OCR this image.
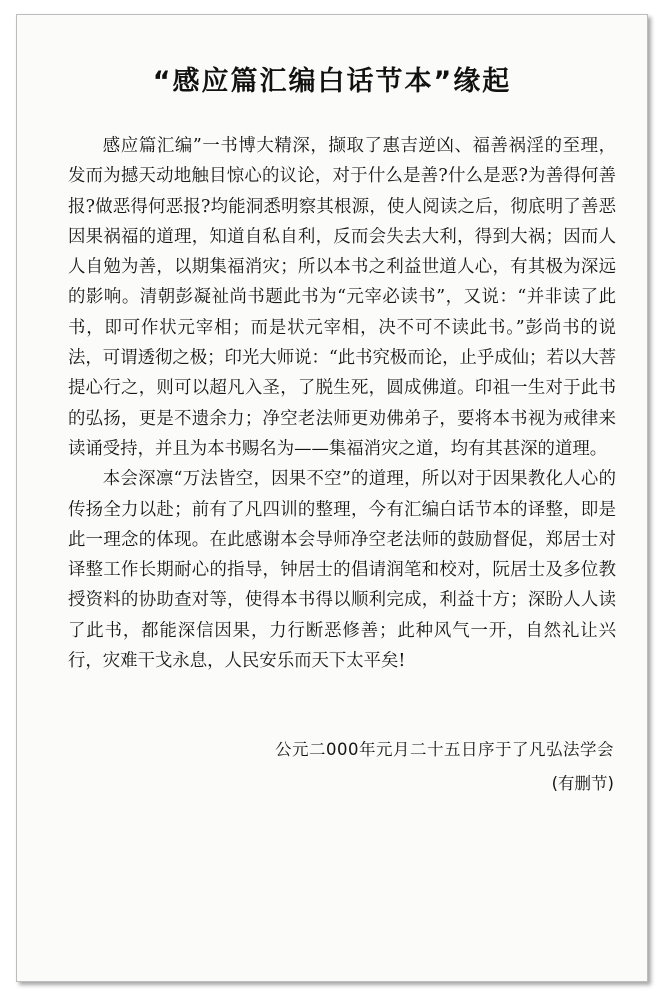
“感应篇汇编白话节本”缘起

感应篇汇编”一书博大精深，撷取了惠吉逆凶、福善祸淫的至理，发而为撼天动地触目惊心的议论，对于什么是善?什么是恶?为善得何善报?做恶得何恶报?均能洞悉明察其根源，使人阅读之后，彻底明了善恶因果祸福的道理，知道自私自利，反而会失去大利，得到大祸；因而人人自勉为善，以期集福消灾；所以本书之利益世道人心，有其极为深远的影响。清朝彭凝祉尚书题此书为“元宰必读书”，又说：“并非读了此书，即可作状元宰相；而是状元宰相，决不可不读此书。”彭尚书的说法，可谓透彻之极；印光大师说：“此书究极而论，止乎成仙；若以大菩提心行之，则可以超凡入圣，了脱生死，圆成佛道。印祖一生对于此书的弘扬，更是不遗余力；净空老法师更劝佛弟子，要将本书视为戒律来读诵受持，并且为本书赐名为——集福消灾之道，均有其甚深的道理。

本会深凛“万法皆空，因果不空”的道理，所以对于因果教化人心的传扬全力以赴；前有了凡四训的整理，今有汇编白话节本的译整，即是此一理念的体现。在此感谢本会导师净空老法师的鼓励督促，郑居士对译整工作长期耐心的指导，钟居士的倡请润笔和校对，阮居士及多位教授资料的协助查对等，使得本书得以顺利完成，利益十方；深盼人人读了此书，都能深信因果，力行断恶修善；此种风气一开，自然礼让兴行，灾难干戈永息，人民安乐而天下太平矣!

公元二000年元月二十五日序于了凡弘法学会
(有删节)
